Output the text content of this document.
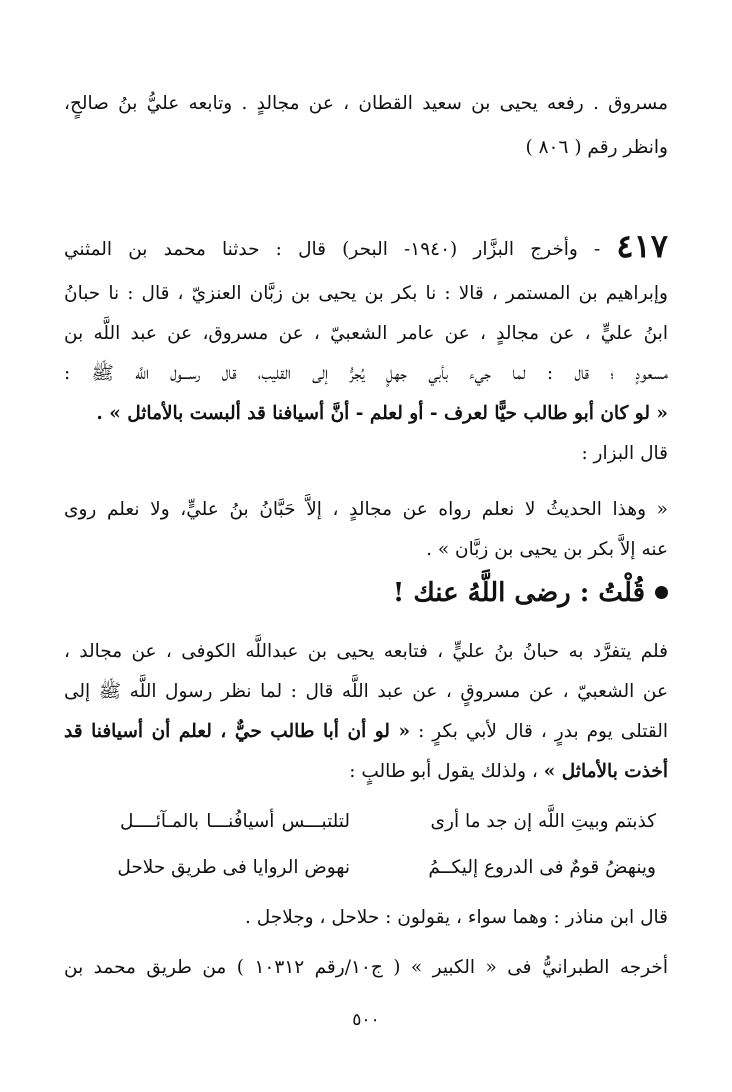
مسروق . رفعه يحيى بن سعيد القطان ، عن مجالدٍ . وتابعه عليُّ بنُ صالحٍ،
وانظر رقم ( ٨٠٦ )
٤١٧ - وأخرج البزَّار (١٩٤٠- البحر) قال : حدثنا محمد بن المثني
وإبراهيم بن المستمر ، قالا : نا بكر بن يحيى بن زبَّان العنزيّ ، قال : نا حبانُ
ابنُ عليٍّ ، عن مجالدٍ ، عن عامر الشعبيّ ، عن مسروق، عن عبد اللَّه بن
مسعودٍ ؛ قال : لما جيء بأبي جهلٍ يُجرُّ إلى القليب، قال رســـول اللَّه ﷺ :
« لو كان أبو طالب حيًّا لعرف - أو لعلم - أنَّ أسيافنا قد ألبست بالأماثل » .
قال البزار :
« وهذا الحديثُ لا نعلم رواه عن مجالدٍ ، إلاَّ حَبَّانُ بنُ عليٍّ، ولا نعلم روى
عنه إلاَّ بكر بن يحيى بن زبَّان » .
قُلْتُ : رضى اللَّهُ عنك !
فلم يتفرَّد به حبانُ بنُ عليٍّ ، فتابعه يحيى بن عبداللَّه الكوفى ، عن مجالد ،
عن الشعبيّ ، عن مسروقٍ ، عن عبد اللَّه قال : لما نظر رسول اللَّه ﷺ إلى
القتلى يوم بدرٍ ، قال لأبي بكرٍ : « لو أن أبا طالب حيٌّ ، لعلم أن أسيافنا قد
أخذت بالأماثل » ، ولذلك يقول أبو طالبٍ :
كذبتم وبيتِ اللَّه إن جد ما أرى
لتلتبـــس أسيافُنـــا بالمـآئــــل
وينهضُ قومٌ فى الدروع إليكــمُ
نهوض الروايا فى طريق حلاحل
قال ابن مناذر : وهما سواء ، يقولون : حلاحل ، وجلاجل .
أخرجه الطبرانيُّ فى « الكبير » ( ج١٠/رقم ١٠٣١٢ ) من طريق محمد بن
٥٠٠
